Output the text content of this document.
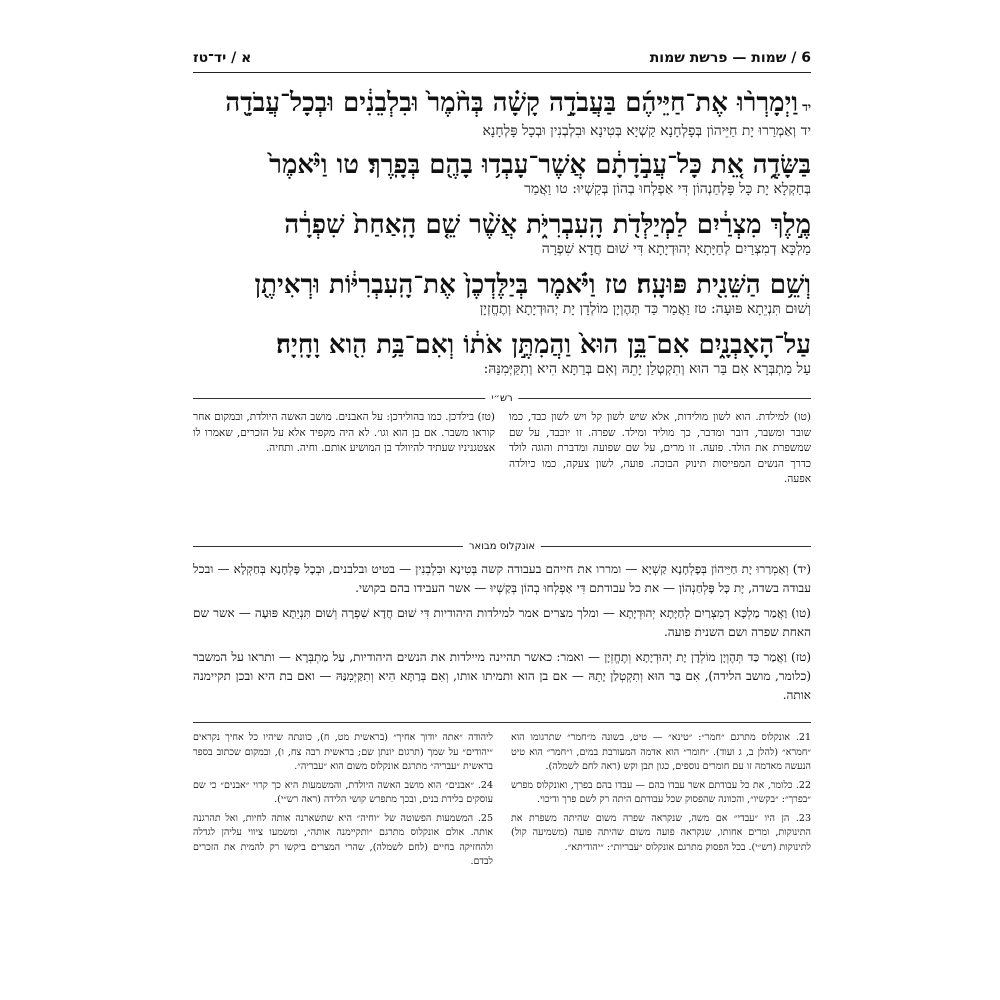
6 / שמות — פרשת שמות
א / יד־טז
ידוַיְמָרְר֨וּ אֶת־חַיֵּיהֶ֜ם בַּעֲבֹדָ֣ה קָשָׁ֗ה בְּחֹ֨מֶר֙ וּבִלְבֵנִ֔ים וּבְכָל־עֲבֹדָ֖ה
יד וְאַמְרַרוּ יָת חַיֵּיהוֹן בְּפָלְחָנָא קַשְׁיָא בְּטִינָא וּבִלְבְנִין וּבְכָל פָּלְחָנָא
בַּשָּׂדֶ֑ה אֵ֚ת כָּל־עֲבֹ֣דָתָ֔ם אֲשֶׁר־עָבְד֥וּ בָהֶ֖ם בְּפָֽרֶךְ׃ טו וַיֹּ֨אמֶר֙
בְּחַקְלָא יָת כָּל פָּלְחַנְהוֹן דִּי אַפְלְחוּ בְהוֹן בְּקַשְׁיוּ: טו וַאֲמַר
מֶ֣לֶךְ מִצְרַ֔יִם לַמְיַלְּדֹ֖ת הָֽעִבְרִיֹּ֑ת אֲשֶׁ֨ר שֵׁ֤ם הָֽאַחַת֙ שִׁפְרָ֔ה
מַלְכָּא דְמִצְרַיִם לְחַיָּתָא יְהוּדְיָתָא דִּי שׁוּם חֲדָא שִׁפְרָה
וְשֵׁ֥ם הַשֵּׁנִ֖ית פּוּעָֽה׃ טז וַיֹּ֗אמֶר בְּיַלֶּדְכֶן֙ אֶת־הָֽעִבְרִיּ֔וֹת וּרְאִיתֶ֖ן
וְשׁוּם תִּנְיֵתָא פּוּעָה: טז וַאֲמַר כַּד תְּהֶוְיָן מוֹלְדָן יָת יְהוּדְיָתָא וְתֶחֱזְיָן
עַל־הָאָבְנָ֑יִם אִם־בֵּ֥ן הוּא֙ וַהֲמִתֶּ֣ן אֹת֔וֹ וְאִם־בַּ֥ת הִ֖וא וָחָֽיָה׃
עַל מַתְבְּרָא אִם בַּר הוּא וְתִקְטְלַן יָתֵהּ וְאִם בְּרַתָּא הִיא וְתִקַּיְּמִנַּהּ:
רש״י
(טו) למילדת. הוא לשון מולידות, אלא שיש לשון קל ויש לשון כבד, כמו שובר ומשבר, דובר ומדבר, כך מוליד ומילד. שפרה. זו יוכבד, על שם שמשפרת את הולד. פועה. זו מרים, על שם שפועה ומדברת והוגה לולד כדרך הנשים המפייסות תינוק הבוכה. פועה, לשון צעקה, כמו כיולדה אפעה.
(טז) בילדכן. כמו בהולידכן: על האבנים. מושב האשה היולדת, ובמקום אחר קוראו משבר. אם בן הוא וגו׳. לא היה מקפיד אלא על הזכרים, שאמרו לו אצטגניניו שעתיד להיוולד בן המושיע אותם. וחיה. ותחיה.
אונקלוס מבואר
(יד) וְאַמְרַרוּ יָת חַיֵּיהוֹן בְּפָלְחָנָא קַשְׁיָא — ומררו את חייהם בעבודה קשה בְּטִינָא וּבִלְבְנִין — בטיט ובלבנים, וּבְכָל פָּלְחָנָא בְּחַקְלָא — ובכל עבודה בשדה, יָת כָּל פָּלְחַנְהוֹן — את כל עבודתם דִּי אַפְלְחוּ בְהוֹן בְּקַשְׁיוּ — אשר העבידו בהם בקושי.
(טו) וַאֲמַר מַלְכָּא דְמִצְרַיִם לְחַיָּתָא יְהוּדְיָתָא — ומלך מצרים אמר למילדות היהודיות דִּי שׁוּם חֲדָא שִׁפְרָה וְשׁוּם תִּנְיֵתָא פּוּעָה — אשר שם האחת שפרה ושם השנית פועה.
(טז) וַאֲמַר כַּד תְּהֶוְיָן מוֹלְדָן יָת יְהוּדְיָתָא וְתֶחֱזְיָן — ואמר: כאשר תהיינה מיילדות את הנשים היהודיות, עַל מַתְבְּרָא — ותראו על המשבר (כלומר, מושב הלידה), אִם בַּר הוּא וְתִקְטְלַן יָתֵהּ — אם בן הוא ותמיתו אותו, וְאִם בְּרַתָּא הִיא וְתִקַּיְּמִנַּהּ — ואם בת היא ובכן תקיימנה אותה.
21. אונקלוס מתרגם ״חמר״: ״טינא״ — טיט, בשונה מ״חמר״ שתרגומו הוא ״חמרא״ (להלן ב, ג ועוד). ״חומר״ הוא אדמה המעורבת במים, ו״חמר״ הוא טיט הנעשה מאדמה זו עם חומרים נוספים, כגון תבן וקש (ראה לחם לשמלה).
22. כלומר, את כל עבודתם אשר עבדו בהם — עבדו בהם בפרך, ואונקלוס מפרש ״בפרך״: ״בקשיו״, והכוונה שהפסוק שכל עבודתם היתה רק לשם פרך ודיכוי.
23. הן היו ״עבדי״ אם משה, שנקראה שפרה משום שהיתה משפרת את התינוקות, ומרים אחותו, שנקראה פועה משום שהיתה פועה (משמיעה קול) לתינוקות (רש״י). בכל הפסוק מתרגם אונקלוס ״עבריות״: ״יהודיתא״.
ליהודה ״אתה יודוך אחיך״ (בראשית מט, ח), כוונתה שיהיו כל אחיך נקראים ״יהודים״ על שמך (תרגום יונתן שם; בראשית רבה צח, ו), ובמקום שכתוב בספר בראשית ״עבריה״ מתרגם אונקלוס משום הוא ״עבריה״.
24. ״אבנים״ הוא מושב האשה היולדת, והמשמעות היא כך קרוי ״אבנים״ כי שם עוסקים בלידת בנים, ובכך מתפרש קושי הלידה (ראה רש״י).
25. המשמעות הפשוטה של ״וחיה״ היא שתשארנה אותה לחיות, ואל תהרגנה אותה. אולם אונקלוס מתרגם ״ותקיימנה אותה״, ומשמעו ציווי עליהן לגדלה ולהחזיקה בחיים (לחם לשמלה), שהרי המצרים ביקשו רק להמית את הזכרים לבדם.
